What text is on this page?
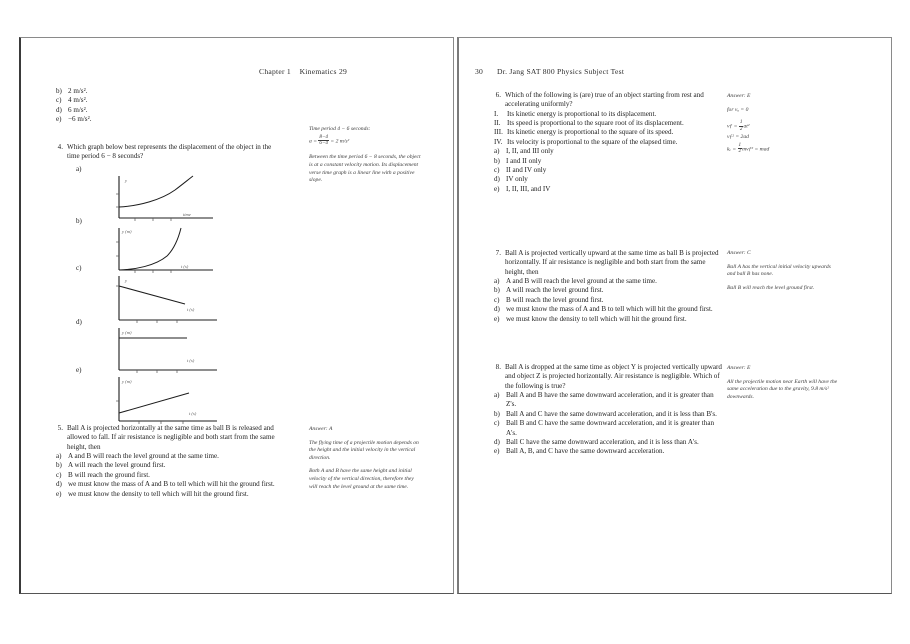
Chapter 1 Kinematics 29
b) 2 m/s².
c) 4 m/s².
d) 6 m/s².
e) −6 m/s².
4. Which graph below best represents the displacement of the object in the time period 6 − 8 seconds?
a)
y
time
b)
y (m)
t (s)
c)
y
t (s)
d)
y (m)
t (s)
e)
y (m)
t (s)
Time period 4 − 6 seconds:
$a = \frac{8-4}{6-4} = 2$ m/s²
Between the time period 6 − 8 seconds, the object is at a constant velocity motion. Its displacement verse time graph is a linear line with a positive slope.
5. Ball A is projected horizontally at the same time as ball B is released and allowed to fall. If air resistance is negligible and both start from the same height, then
a) A and B will reach the level ground at the same time.
b) A will reach the level ground first.
c) B will reach the ground first.
d) we must know the mass of A and B to tell which will hit the ground first.
e) we must know the density to tell which will hit the ground first.
Answer: A
The flying time of a projectile motion depends on the height and the initial velocity in the vertical direction.
Both A and B have the same height and initial velocity of the vertical direction, therefore they will reach the level ground at the same time.
30 Dr. Jang SAT 800 Physics Subject Test
6. Which of the following is (are) true of an object starting from rest and accelerating uniformly?
I.	Its kinetic energy is proportional to its displacement.
II. Its speed is proportional to the square root of its displacement.
III. Its kinetic energy is proportional to the square of its speed.
IV. Its velocity is proportional to the square of the elapsed time.
a) I, II, and III only
b) I and II only
c) II and IV only
d) IV only
e) I, II, III, and IV
Answer: E
for vₒ = 0
vƒ = $\frac{1}{2} at^2$
vƒ² = 2ad
$k_e = \frac{1}{2}$ mvƒ² = mad
7. Ball A is projected vertically upward at the same time as ball B is projected horizontally. If air resistance is negligible and both start from the same height, then
a) A and B will reach the level ground at the same time.
b) A will reach the level ground first.
c) B will reach the level ground first.
d) we must know the mass of A and B to tell which will hit the ground first.
e) we must know the density to tell which will hit the ground first.
Answer: C
Ball A has the vertical initial velocity upwards and ball B has none.
Ball B will reach the level ground first.
8. Ball A is dropped at the same time as object Y is projected vertically upward and object Z is projected horizontally. Air resistance is negligible. Which of the following is true?
a) Ball A and B have the same downward acceleration, and it is greater than Z's.
b) Ball A and C have the same downward acceleration, and it is less than B's.
c) Ball B and C have the same downward acceleration, and it is greater than A's.
d) Ball C have the same downward acceleration, and it is less than A's.
e) Ball A, B, and C have the same downward acceleration.
Answer: E
All the projectile motion near Earth will have the same acceleration due to the gravity, 9.8 m/s² downwards.
